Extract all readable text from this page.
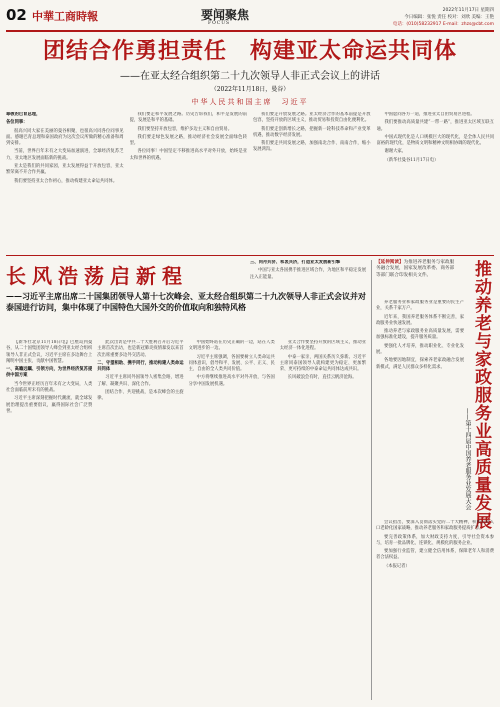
02 中華工商時報	要闻聚焦
FOCUS
2022年11月17日 星期四
今日编辑：张悦 责任 校对：刘欣 美编：王艳
电话：(010)58232917 E-mail：zhzs@cbt.com
团结合作勇担责任　构建亚太命运共同体
——在亚太经合组织第二十九次领导人非正式会议上的讲话
（2022年11月18日，曼谷）
中华人民共和国主席　习近平

尊敬的巴育总理，

各位同事：

很高兴同大家在美丽的曼谷相聚，也很高兴同各位同事见面。感谢巴育总理和泰国政府为这次会议所做的精心准备和周到安排。

当前，世界百年未有之大变局加速演进，全球经济复苏乏力，亚太地区发展面临新的挑战。

亚太是我们的共同家园，亚太发展得益于开放包容，亚太繁荣离不开合作共赢。

我们要坚持亚太合作初心，推动构建亚太命运共同体。

我们要走和平发展之路。历史告诉我们，和平是发展的前提，发展是和平的基础。

我们要坚持开放包容，维护多边主义和自由贸易。

我们要走绿色发展之路，推动经济社会发展全面绿色转型。

各位同事！中国坚定不移推进高水平对外开放，始终是亚太和世界的机遇。

我们要走开放发展之路。亚太经济合作的基本前提是开放包容，坚持开放的区域主义，推动贸易和投资自由化便利化。

我们要走创新增长之路，把握新一轮科技革命和产业变革机遇，推动数字经济发展。

我们要走共同发展之路，加强南北合作、南南合作，缩小发展鸿沟。

中国愿同各方一道，推进亚太自由贸易区进程。

我们要推动高质量共建“一带一路”，推进亚太区域互联互通。

中国式现代化是人口规模巨大的现代化，是全体人民共同富裕的现代化，是物质文明和精神文明相协调的现代化。

谢谢大家。

（新华社曼谷11月17日电）

长风浩荡启新程
——习近平主席出席二十国集团领导人第十七次峰会、亚太经合组织第二十九次领导人非正式会议并对泰国进行访问，集中体现了中国特色大国外交的价值取向和独特风格

【新华社北京11月18日电】巴厘岛到曼谷，从二十国集团领导人峰会到亚太经合组织领导人非正式会议，习近平主席在多边舞台上阐明中国主张、贡献中国智慧。

一、高瞻远瞩、引领方向，为世界经济复苏提供中国方案

当今世界正经历百年未有之大变局，人类社会面临前所未有的挑战。

习近平主席深刻把握时代潮流，就全球发展治理提出重要倡议，赢得国际社会广泛赞誉。

此次出访是中共二十大胜利召开后习近平主席首次出访，也是新冠肺炎疫情暴发以来首次出席重要多边外交活动。

二、守望相助、携手同行，推动构建人类命运共同体

习近平主席同外国领导人密集会晤，增进了解、凝聚共识、深化合作。

团结合作、共迎挑战，是本次峰会的主旋律。

中国始终站在历史正确的一边，站在人类文明进步的一边。

习近平主席强调，各国要树立人类命运共同体意识，倡导和平、发展、公平、正义、民主、自由的全人类共同价值。

中方将继续推进高水平对外开放，与各国分享中国发展机遇。

亚太合作要坚持开放的区域主义，推动亚太经济一体化进程。

中泰一家亲，两国关系历久弥新。习近平主席同泰国领导人就构建更为稳定、更加繁荣、更可持续的中泰命运共同体达成共识。

长风破浪会有时，直挂云帆济沧海。

三、同舟共济、和衷共济，打造亚太发展新引擎

中国与亚太各国携手推进区域合作，为地区和平稳定发展注入正能量。

【延伸阅读】为推进养老服务与家政服务融合发展，国家发展改革委、商务部等部门联合印发相关文件。	推动养老与家政服务业高质量发展
——第十四届中国养老服务业发展大会

养老服务业和家政服务业是重要的民生产业，关系千家万户。

近年来，我国养老服务体系不断完善，家政服务业快速发展。

推动养老与家政服务业高质量发展，需要加强标准化建设，提升服务质量。

要强化人才培养，推动职业化、专业化发展。

各地要因地制宜，探索养老家政融合发展新模式，满足人民群众多样化需求。

会议指出，要深入贯彻落实党的二十大精神，积极应对人口老龄化国家战略，推动养老服务和家政服务提质扩容。

要完善政策体系，加大财政支持力度，引导社会资本参与，培育一批品牌化、连锁化、规模化的服务企业。

要加强行业监管，建立健全信用体系，保障老年人和消费者合法权益。

（本报记者）
